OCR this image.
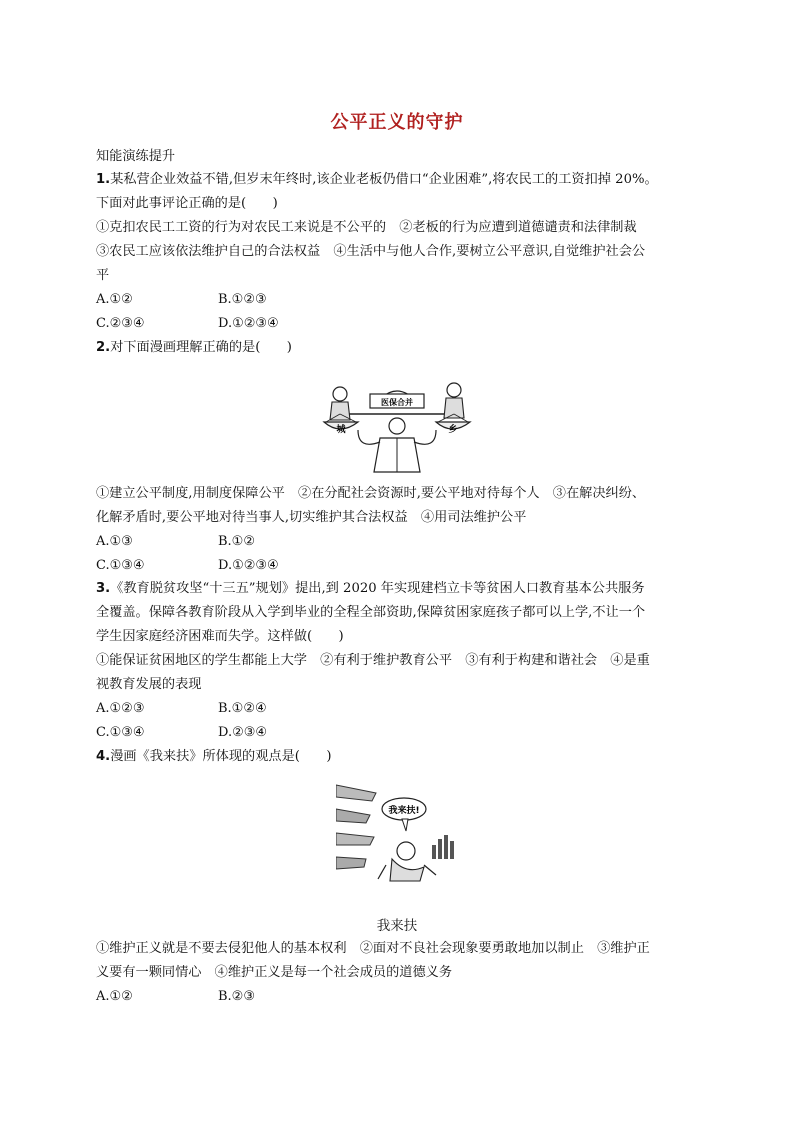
公平正义的守护
知能演练提升
1.某私营企业效益不错,但岁末年终时,该企业老板仍借口“企业困难”,将农民工的工资扣掉 20%。
下面对此事评论正确的是(　　)
①克扣农民工工资的行为对农民工来说是不公平的　②老板的行为应遭到道德谴责和法律制裁
③农民工应该依法维护自己的合法权益　④生活中与他人合作,要树立公平意识,自觉维护社会公
平
A.①②	B.①②③
C.②③④	D.①②③④
2.对下面漫画理解正确的是(　　)
医保合并
城	乡
①建立公平制度,用制度保障公平　②在分配社会资源时,要公平地对待每个人　③在解决纠纷、
化解矛盾时,要公平地对待当事人,切实维护其合法权益　④用司法维护公平
A.①③	B.①②
C.①③④	D.①②③④
3.《教育脱贫攻坚“十三五”规划》提出,到 2020 年实现建档立卡等贫困人口教育基本公共服务
全覆盖。保障各教育阶段从入学到毕业的全程全部资助,保障贫困家庭孩子都可以上学,不让一个
学生因家庭经济困难而失学。这样做(　　)
①能保证贫困地区的学生都能上大学　②有利于维护教育公平　③有利于构建和谐社会　④是重
视教育发展的表现
A.①②③	B.①②④
C.①③④	D.②③④
4.漫画《我来扶》所体现的观点是(　　)
我来扶!
我来扶
①维护正义就是不要去侵犯他人的基本权利　②面对不良社会现象要勇敢地加以制止　③维护正
义要有一颗同情心　④维护正义是每一个社会成员的道德义务
A.①②	B.②③
